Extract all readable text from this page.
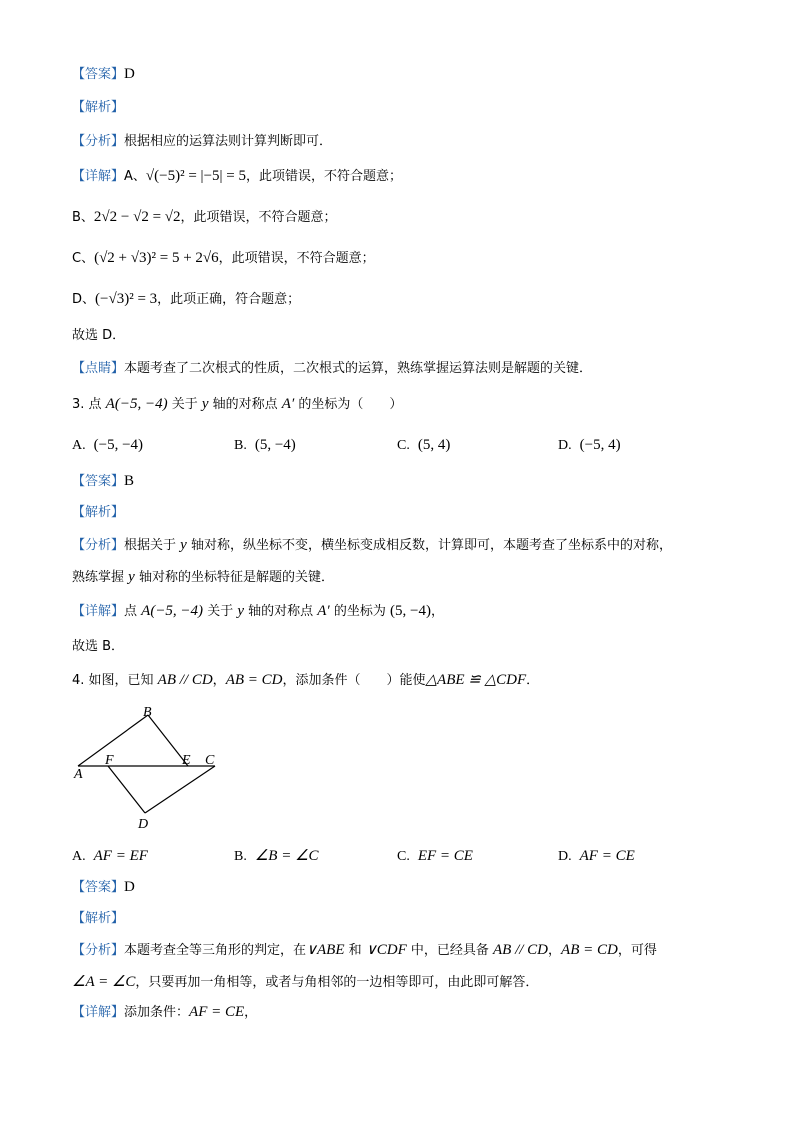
【答案】D
【解析】
【分析】根据相应的运算法则计算判断即可．
【详解】A、√(−5)² = |−5| = 5，此项错误，不符合题意；
B、2√2 − √2 = √2，此项错误，不符合题意；
C、(√2 + √3)² = 5 + 2√6，此项错误，不符合题意；
D、(−√3)² = 3，此项正确，符合题意；
故选 D．
【点睛】本题考查了二次根式的性质，二次根式的运算，熟练掌握运算法则是解题的关键．
3. 点 A(−5, −4) 关于 y 轴的对称点 A′ 的坐标为（　　）
A. (−5, −4)	B. (5, −4)	C. (5, 4)	D. (−5, 4)
【答案】B
【解析】
【分析】根据关于 y 轴对称，纵坐标不变，横坐标变成相反数，计算即可，本题考查了坐标系中的对称，
熟练掌握 y 轴对称的坐标特征是解题的关键．
【详解】点 A(−5, −4) 关于 y 轴的对称点 A′ 的坐标为 (5, −4)，
故选 B．
4. 如图，已知 AB // CD，AB = CD，添加条件（　　）能使△ABE ≌ △CDF．
B
A
F	E C
D
A. AF = EF	B. ∠B = ∠C	C. EF = CE	D. AF = CE
【答案】D
【解析】
【分析】本题考查全等三角形的判定，在∨ABE 和 ∨CDF 中，已经具备 AB // CD，AB = CD，可得
∠A = ∠C，只要再加一角相等，或者与角相邻的一边相等即可，由此即可解答．
【详解】添加条件：AF = CE，
